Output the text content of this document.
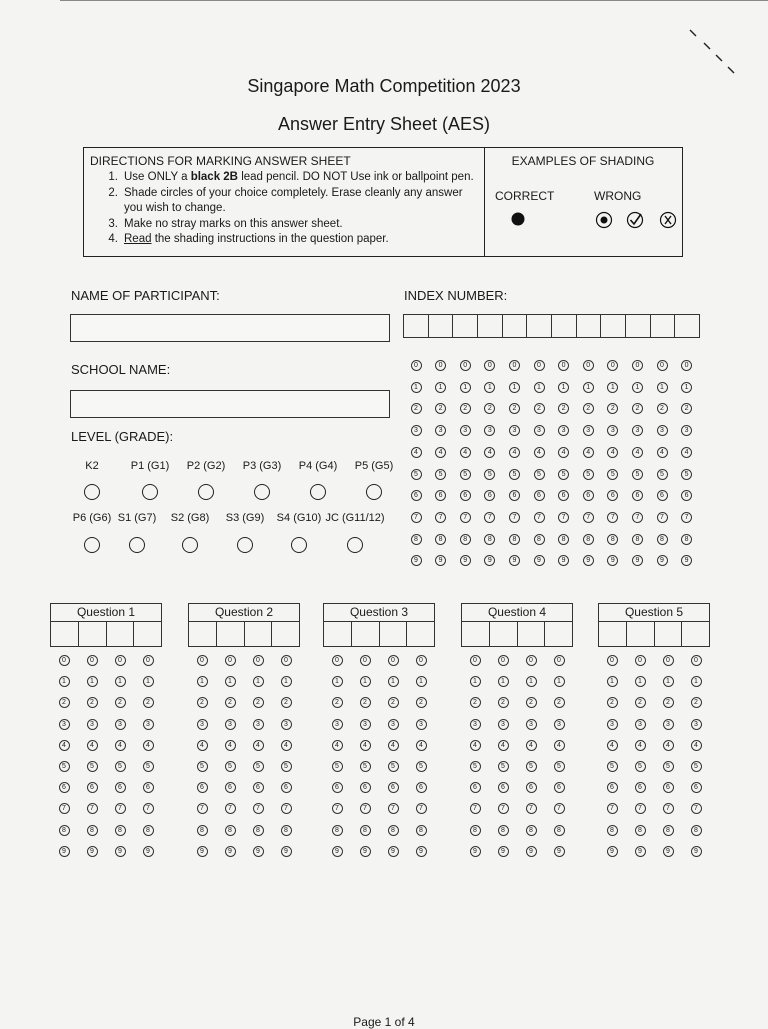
Singapore Math Competition 2023
Answer Entry Sheet (AES)
DIRECTIONS FOR MARKING ANSWER SHEET
1. Use ONLY a black 2B lead pencil. DO NOT Use ink or ballpoint pen.
2. Shade circles of your choice completely. Erase cleanly any answer you wish to change.
3. Make no stray marks on this answer sheet.
4. Read the shading instructions in the question paper.
EXAMPLES OF SHADING
CORRECT	WRONG
NAME OF PARTICIPANT:
SCHOOL NAME:
LEVEL (GRADE):
K2	P1 (G1) P2 (G2) P3 (G3) P4 (G4) P5 (G5)
P6 (G6) S1 (G7) S2 (G8) S3 (G9) S4 (G10) JC (G11/12)
INDEX NUMBER:
0
1
2
3
4
5
6
7
8
9
0
1
2
3
4
5
6
7
8
9
0
1
2
3
4
5
6
7
8
9
0
1
2
3
4
5
6
7
8
9
0
1
2
3
4
5
6
7
8
9
0
1
2
3
4
5
6
7
8
9
0
1
2
3
4
5
6
7
8
9
0
1
2
3
4
5
6
7
8
9
0
1
2
3
4
5
6
7
8
9
0
1
2
3
4
5
6
7
8
9
0
1
2
3
4
5
6
7
8
9
0
1
2
3
4
5
6
7
8
9
Question 1
0
1
2
3
4
5
6
7
8
9
0
1
2
3
4
5
6
7
8
9
0
1
2
3
4
5
6
7
8
9
0
1
2
3
4
5
6
7
8
9
Question 2
0
1
2
3
4
5
6
7
8
9
0
1
2
3
4
5
6
7
8
9
0
1
2
3
4
5
6
7
8
9
0
1
2
3
4
5
6
7
8
9
Question 3
0
1
2
3
4
5
6
7
8
9
0
1
2
3
4
5
6
7
8
9
0
1
2
3
4
5
6
7
8
9
0
1
2
3
4
5
6
7
8
9
Question 4
0
1
2
3
4
5
6
7
8
9
0
1
2
3
4
5
6
7
8
9
0
1
2
3
4
5
6
7
8
9
0
1
2
3
4
5
6
7
8
9
Question 5
0
1
2
3
4
5
6
7
8
9
0
1
2
3
4
5
6
7
8
9
0
1
2
3
4
5
6
7
8
9
0
1
2
3
4
5
6
7
8
9
Page 1 of 4
